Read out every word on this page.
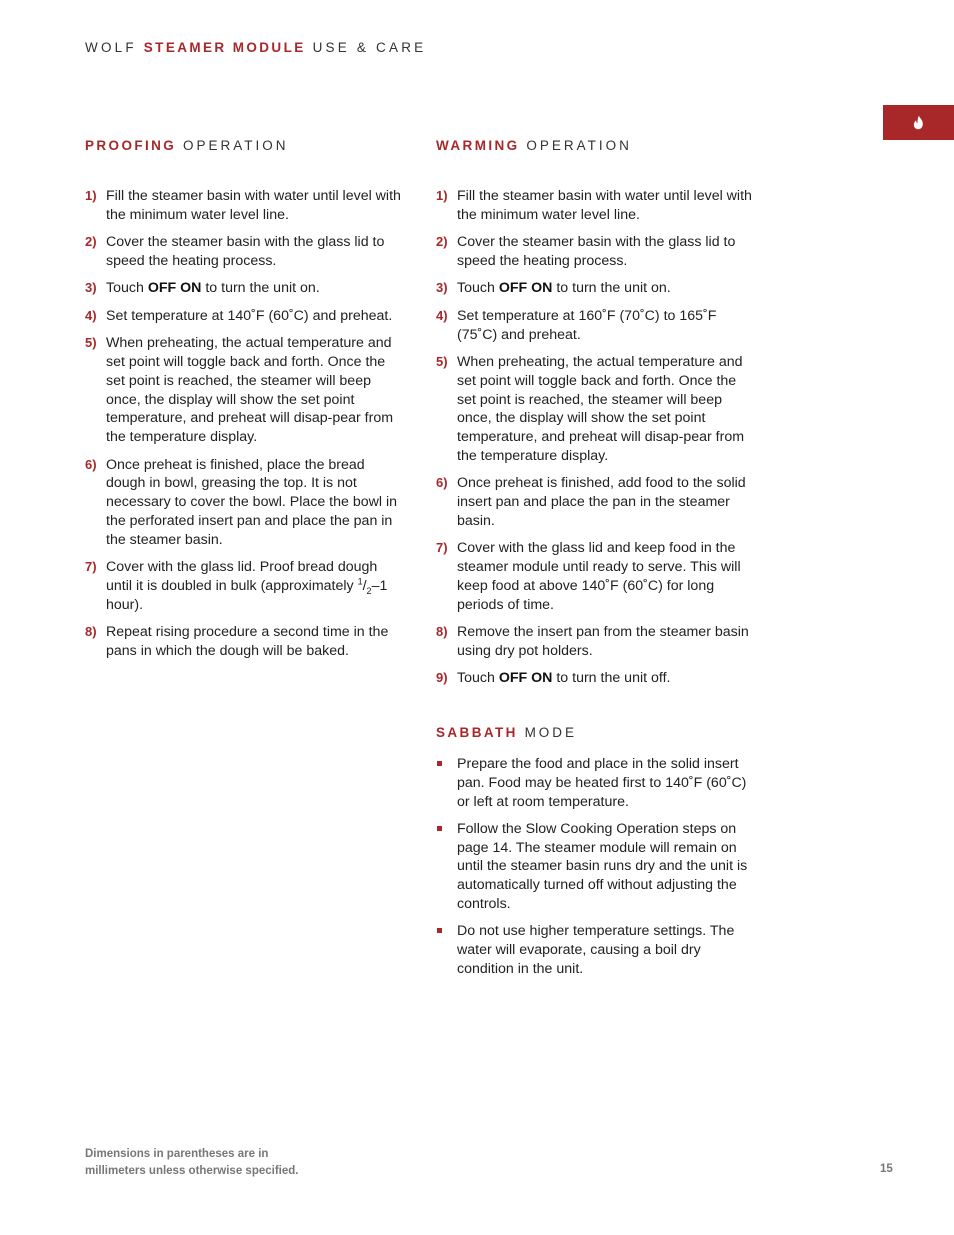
WOLF STEAMER MODULE USE & CARE
PROOFING OPERATION
1) Fill the steamer basin with water until level with the minimum water level line.
2) Cover the steamer basin with the glass lid to speed the heating process.
3) Touch OFF ON to turn the unit on.
4) Set temperature at 140˚F (60˚C) and preheat.
5) When preheating, the actual temperature and set point will toggle back and forth. Once the set point is reached, the steamer will beep once, the display will show the set point temperature, and preheat will disap-pear from the temperature display.
6) Once preheat is finished, place the bread dough in bowl, greasing the top. It is not necessary to cover the bowl. Place the bowl in the perforated insert pan and place the pan in the steamer basin.
7) Cover with the glass lid. Proof bread dough until it is doubled in bulk (approximately $^1/_2-1$ hour).
8) Repeat rising procedure a second time in the pans in which the dough will be baked.
WARMING OPERATION
1) Fill the steamer basin with water until level with the minimum water level line.
2) Cover the steamer basin with the glass lid to speed the heating process.
3) Touch OFF ON to turn the unit on.
4) Set temperature at 160˚F (70˚C) to 165˚F (75˚C) and preheat.
5) When preheating, the actual temperature and set point will toggle back and forth. Once the set point is reached, the steamer will beep once, the display will show the set point temperature, and preheat will disap-pear from the temperature display.
6) Once preheat is finished, add food to the solid insert pan and place the pan in the steamer basin.
7) Cover with the glass lid and keep food in the steamer module until ready to serve. This will keep food at above 140˚F (60˚C) for long periods of time.
8) Remove the insert pan from the steamer basin using dry pot holders.
9) Touch OFF ON to turn the unit off.
SABBATH MODE
Prepare the food and place in the solid insert pan. Food may be heated first to 140˚F (60˚C) or left at room temperature.
Follow the Slow Cooking Operation steps on page 14. The steamer module will remain on until the steamer basin runs dry and the unit is automatically turned off without adjusting the controls.
Do not use higher temperature settings. The water will evaporate, causing a boil dry condition in the unit.
Dimensions in parentheses are in
millimeters unless otherwise specified.	15
